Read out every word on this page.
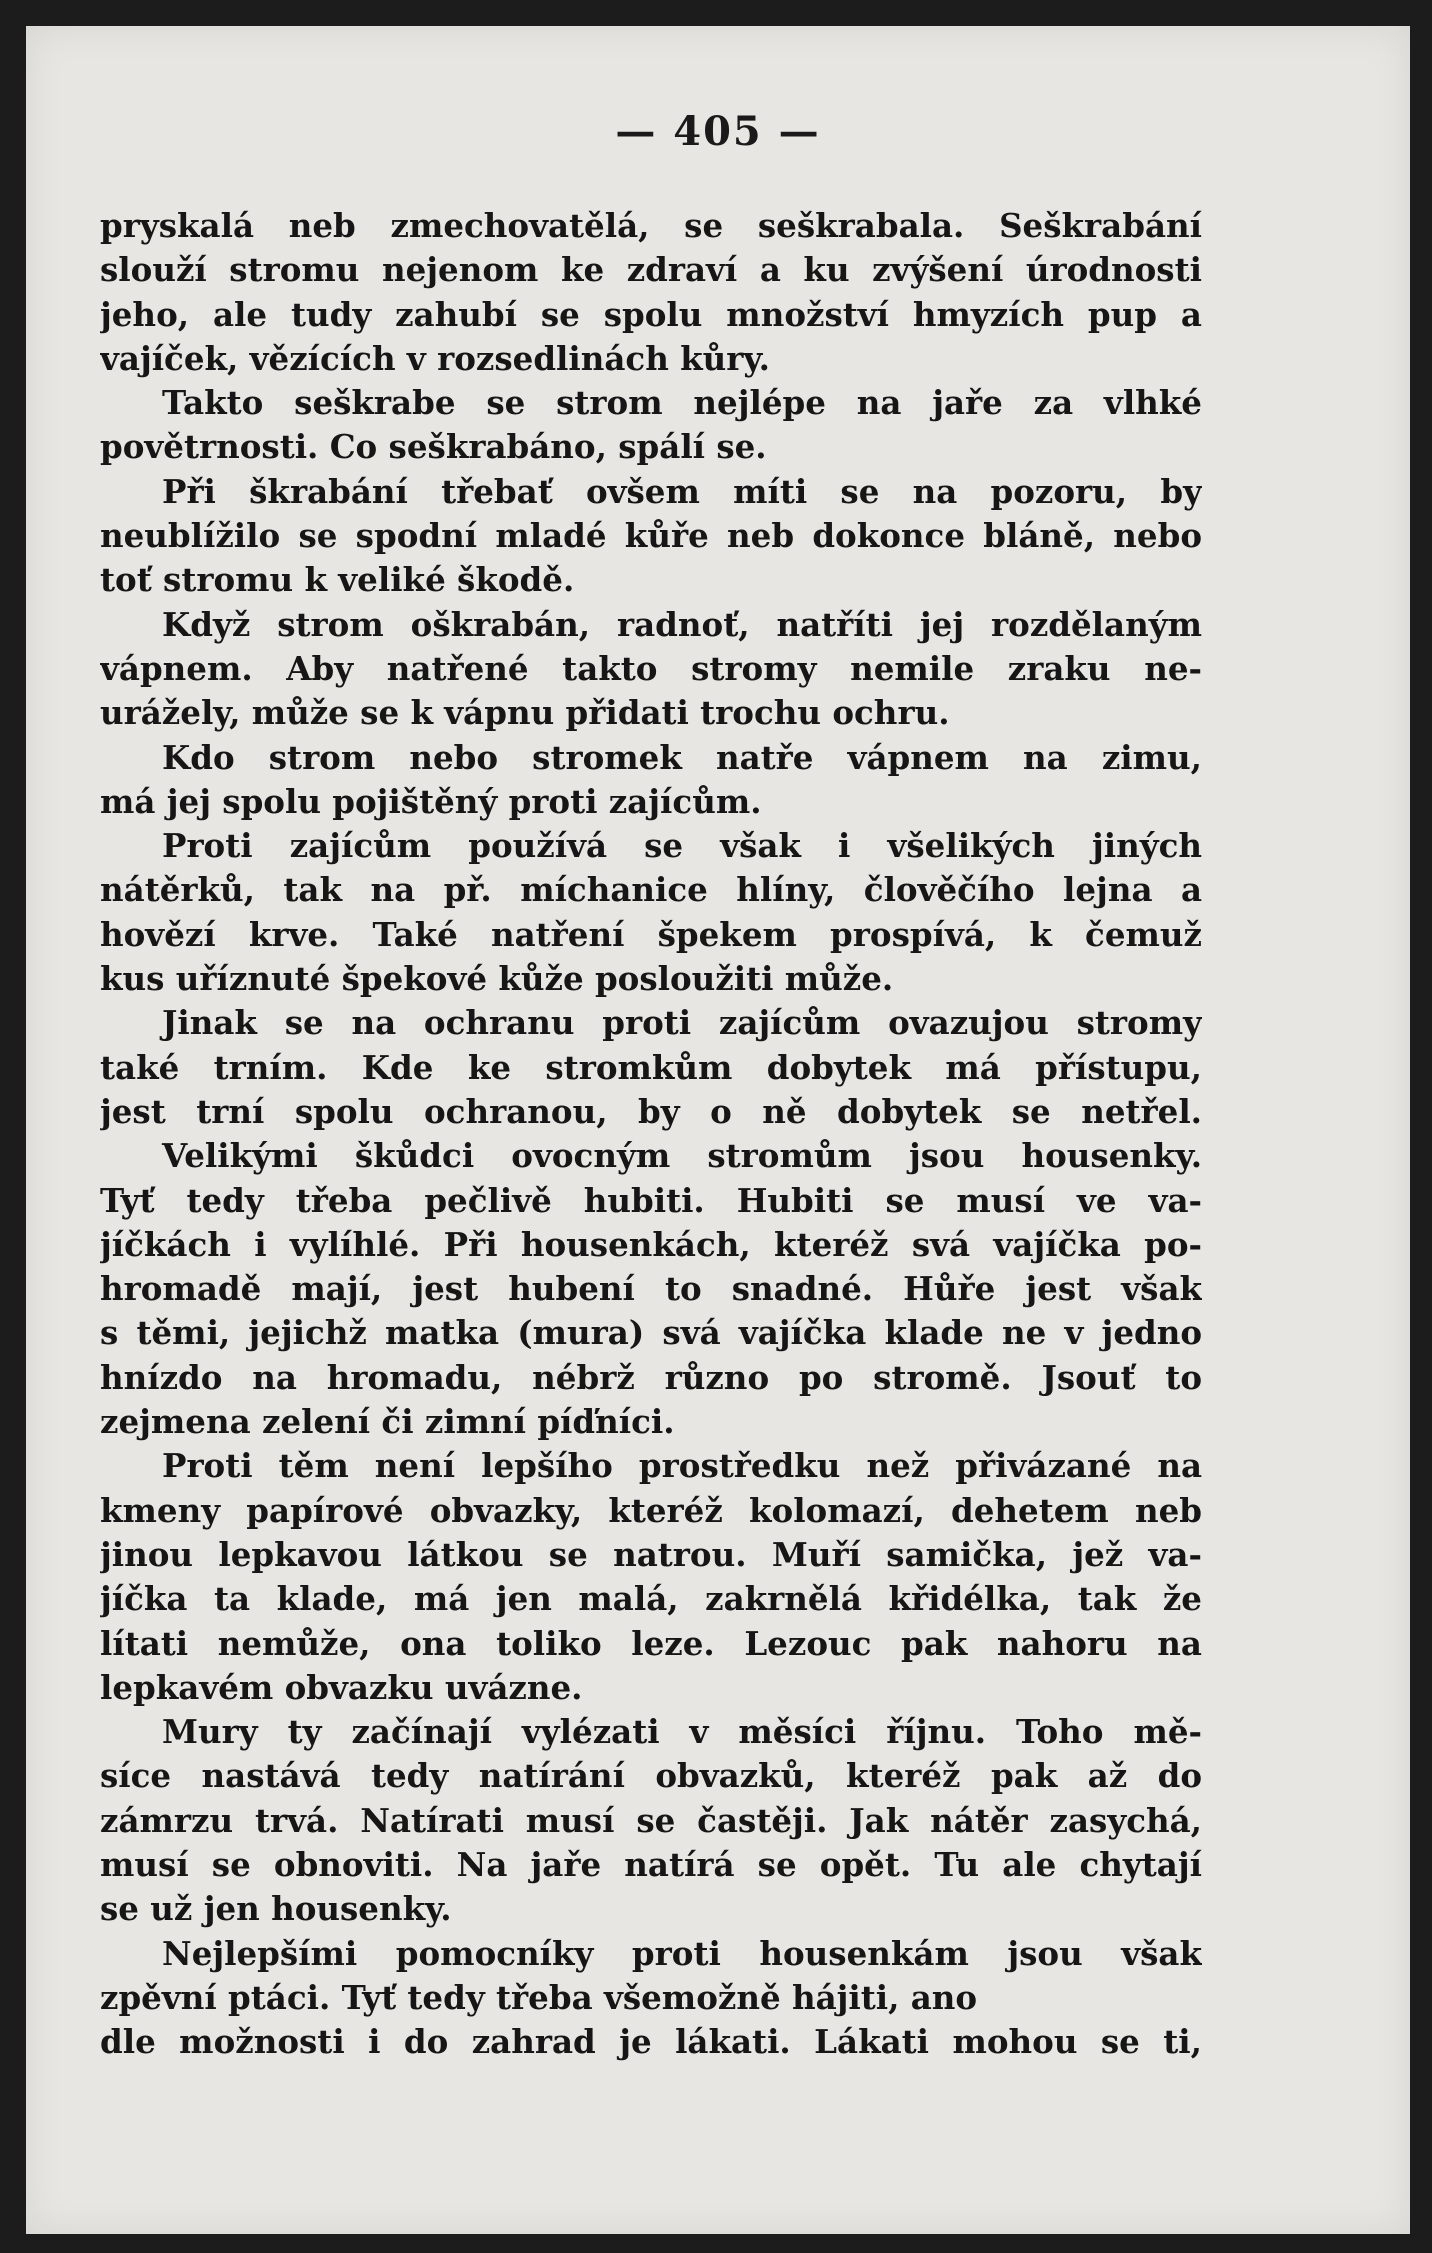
— 405 —
pryskalá neb zmechovatělá, se seškrabala. Seškrabání
slouží stromu nejenom ke zdraví a ku zvýšení úrodnosti
jeho, ale tudy zahubí se spolu množství hmyzích pup a
vajíček, vězících v rozsedlinách kůry.
Takto seškrabe se strom nejlépe na jaře za vlhké
povětrnosti. Co seškrabáno, spálí se.
Při škrabání třebať ovšem míti se na pozoru, by
neublížilo se spodní mladé kůře neb dokonce bláně, nebo
toť stromu k veliké škodě.
Když strom oškrabán, radnoť, natříti jej rozdělaným
vápnem. Aby natřené takto stromy nemile zraku ne-
urážely, může se k vápnu přidati trochu ochru.
Kdo strom nebo stromek natře vápnem na zimu,
má jej spolu pojištěný proti zajícům.
Proti zajícům používá se však i všelikých jiných
nátěrků, tak na př. míchanice hlíny, člověčího lejna a
hovězí krve. Také natření špekem prospívá, k čemuž
kus uříznuté špekové kůže posloužiti může.
Jinak se na ochranu proti zajícům ovazujou stromy
také trním. Kde ke stromkům dobytek má přístupu,
jest trní spolu ochranou, by o ně dobytek se netřel.
Velikými škůdci ovocným stromům jsou housenky.
Tyť tedy třeba pečlivě hubiti. Hubiti se musí ve va-
jíčkách i vylíhlé. Při housenkách, kteréž svá vajíčka po-
hromadě mají, jest hubení to snadné. Hůře jest však
s těmi, jejichž matka (mura) svá vajíčka klade ne v jedno
hnízdo na hromadu, nébrž různo po stromě. Jsouť to
zejmena zelení či zimní píďníci.
Proti těm není lepšího prostředku než přivázané na
kmeny papírové obvazky, kteréž kolomazí, dehetem neb
jinou lepkavou látkou se natrou. Muří samička, jež va-
jíčka ta klade, má jen malá, zakrnělá křidélka, tak že
lítati nemůže, ona toliko leze. Lezouc pak nahoru na
lepkavém obvazku uvázne.
Mury ty začínají vylézati v měsíci říjnu. Toho mě-
síce nastává tedy natírání obvazků, kteréž pak až do
zámrzu trvá. Natírati musí se častěji. Jak nátěr zasychá,
musí se obnoviti. Na jaře natírá se opět. Tu ale chytají
se už jen housenky.
Nejlepšími pomocníky proti housenkám jsou však
zpěvní ptáci. Tyť tedy třeba všemožně hájiti, ano
dle možnosti i do zahrad je lákati. Lákati mohou se ti,
